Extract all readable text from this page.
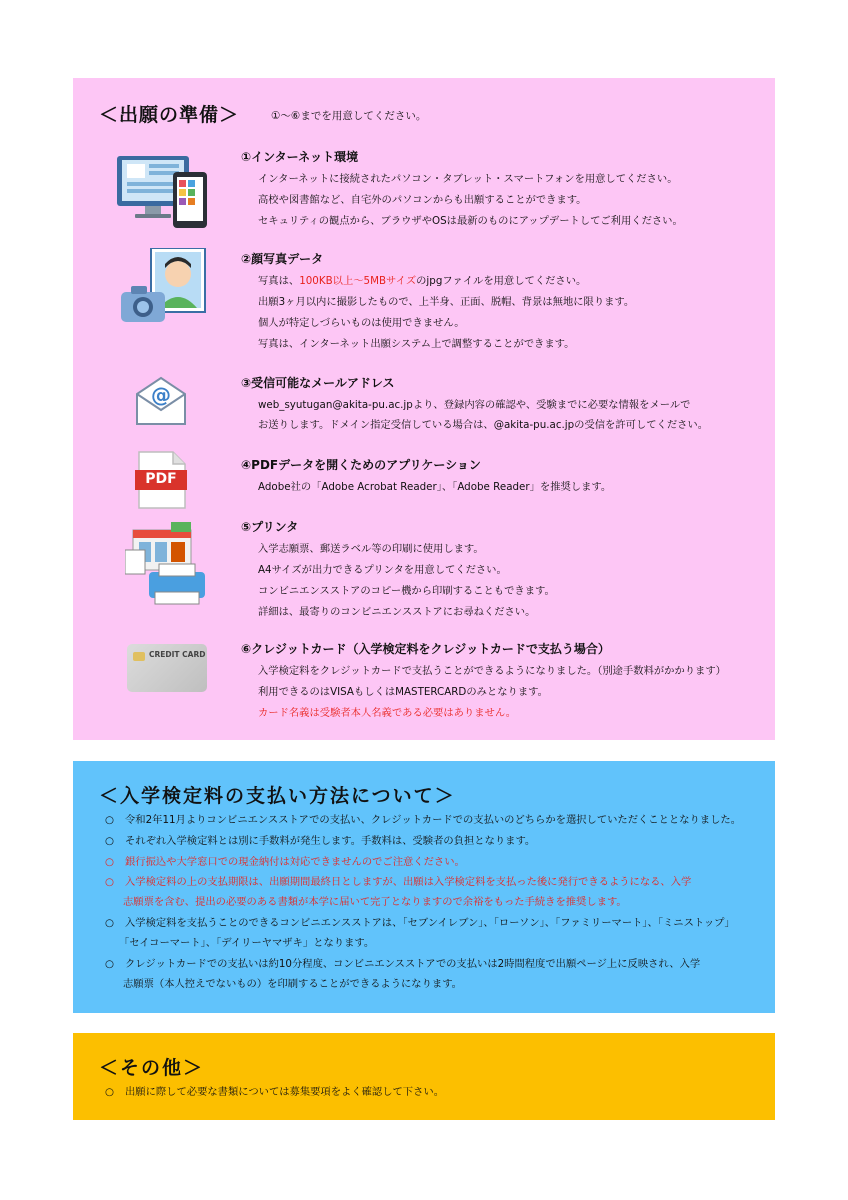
＜出願の準備＞	①～⑥までを用意してください。
①インターネット環境
インターネットに接続されたパソコン・タブレット・スマートフォンを用意してください。
高校や図書館など、自宅外のパソコンからも出願することができます。
セキュリティの観点から、ブラウザやOSは最新のものにアップデートしてご利用ください。
②顔写真データ
写真は、100KB以上～5MBサイズのjpgファイルを用意してください。
出願3ヶ月以内に撮影したもので、上半身、正面、脱帽、背景は無地に限ります。
個人が特定しづらいものは使用できません。
写真は、インターネット出願システム上で調整することができます。
@	③受信可能なメールアドレス
web_syutugan@akita-pu.ac.jpより、登録内容の確認や、受験までに必要な情報をメールで
お送りします。ドメイン指定受信している場合は、@akita-pu.ac.jpの受信を許可してください。
PDF
④PDFデータを開くためのアプリケーション
Adobe社の「Adobe Acrobat Reader」、「Adobe Reader」を推奨します。
⑤プリンタ
入学志願票、郵送ラベル等の印刷に使用します。
A4サイズが出力できるプリンタを用意してください。
コンビニエンスストアのコピー機から印刷することもできます。
詳細は、最寄りのコンビニエンスストアにお尋ねください。
CREDIT CARD	⑥クレジットカード（入学検定料をクレジットカードで支払う場合）
入学検定料をクレジットカードで支払うことができるようになりました。（別途手数料がかかります）
利用できるのはVISAもしくはMASTERCARDのみとなります。
カード名義は受験者本人名義である必要はありません。
＜入学検定料の支払い方法について＞
○ 令和2年11月よりコンビニエンスストアでの支払い、クレジットカードでの支払いのどちらかを選択していただくこととなりました。
○ それぞれ入学検定料とは別に手数料が発生します。手数料は、受験者の負担となります。
○ 銀行振込や大学窓口での現金納付は対応できませんのでご注意ください。
○ 入学検定料の上の支払期限は、出願期間最終日としますが、出願は入学検定料を支払った後に発行できるようになる、入学
志願票を含む、提出の必要のある書類が本学に届いて完了となりますので余裕をもった手続きを推奨します。
○ 入学検定料を支払うことのできるコンビニエンスストアは、「セブンイレブン」、「ローソン」、「ファミリーマート」、「ミニストップ」
「セイコーマート」、「デイリーヤマザキ」となります。
○ クレジットカードでの支払いは約10分程度、コンビニエンスストアでの支払いは2時間程度で出願ページ上に反映され、入学
志願票（本人控えでないもの）を印刷することができるようになります。
＜その他＞
○ 出願に際して必要な書類については募集要項をよく確認して下さい。
